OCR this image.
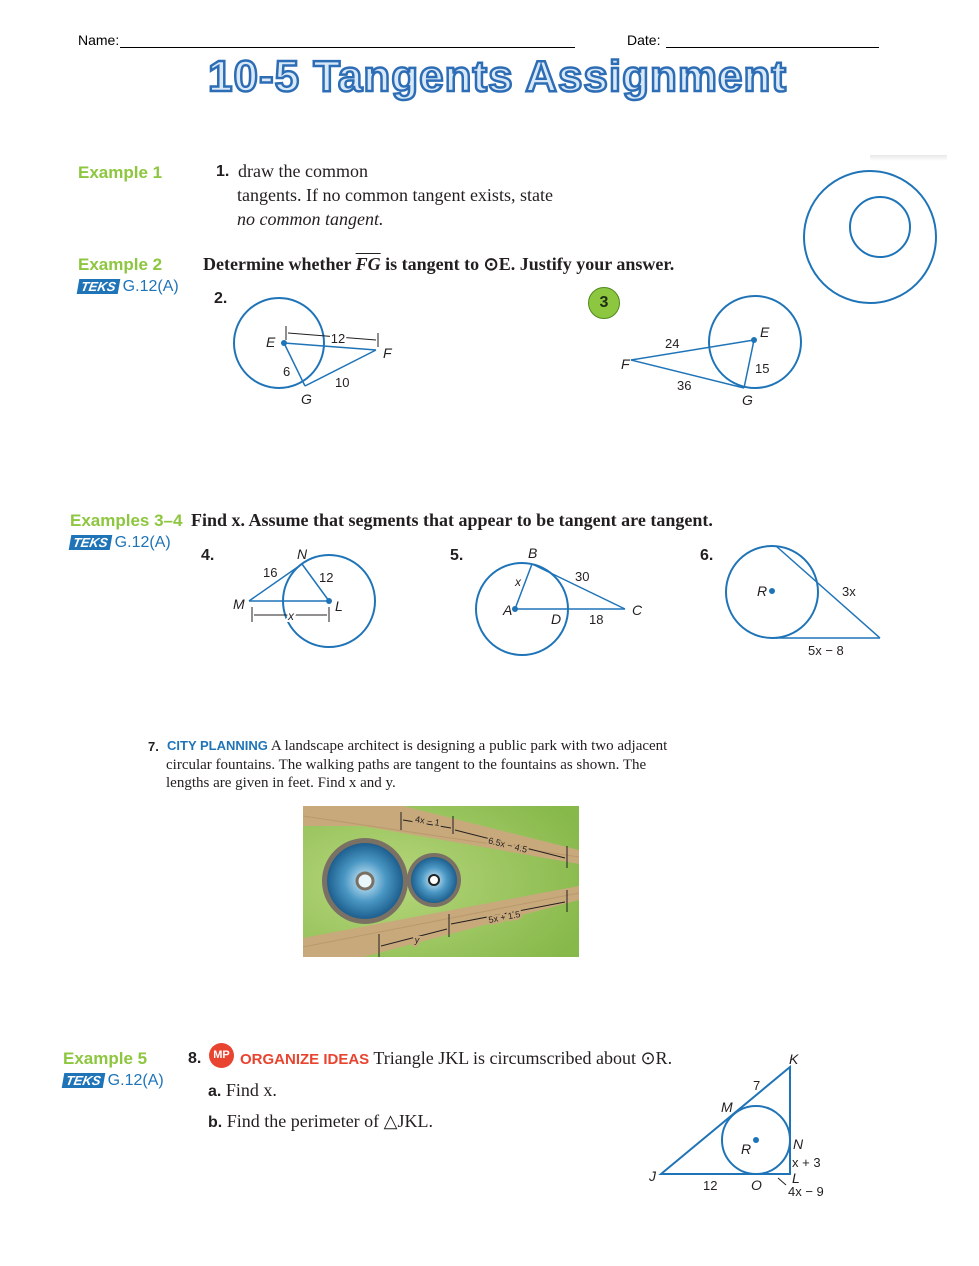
Name:	Date:
10-5 Tangents Assignment
Example 1	1. draw the common
tangents. If no common tangent exists, state
no common tangent.
Example 2
TEKS G.12(A)
Determine whether $\overline{FG}$ is tangent to ⊙E. Justify your answer.
2.
E
F
G
12
6
10
3
E
F
G
24
36
15
Examples 3–4
TEKS G.12(A)
Find x. Assume that segments that appear to be tangent are tangent.
4.	N
M	L
16	12
x
5.	B
A
D
C
x	30
18
6.
R	3x
5x − 8
7. CITY PLANNING A landscape architect is designing a public park with two adjacent
circular fountains. The walking paths are tangent to the fountains as shown. The
lengths are given in feet. Find x and y.
4x − 1
6.5x − 4.5
5x + 1.5
y
Example 5
TEKS G.12(A)
8.	MP ORGANIZE IDEAS Triangle JKL is circumscribed about ⊙R.
a. Find x.
b. Find the perimeter of △JKL.
K
M
R	N
J
O L
7
12
x + 3
4x − 9
